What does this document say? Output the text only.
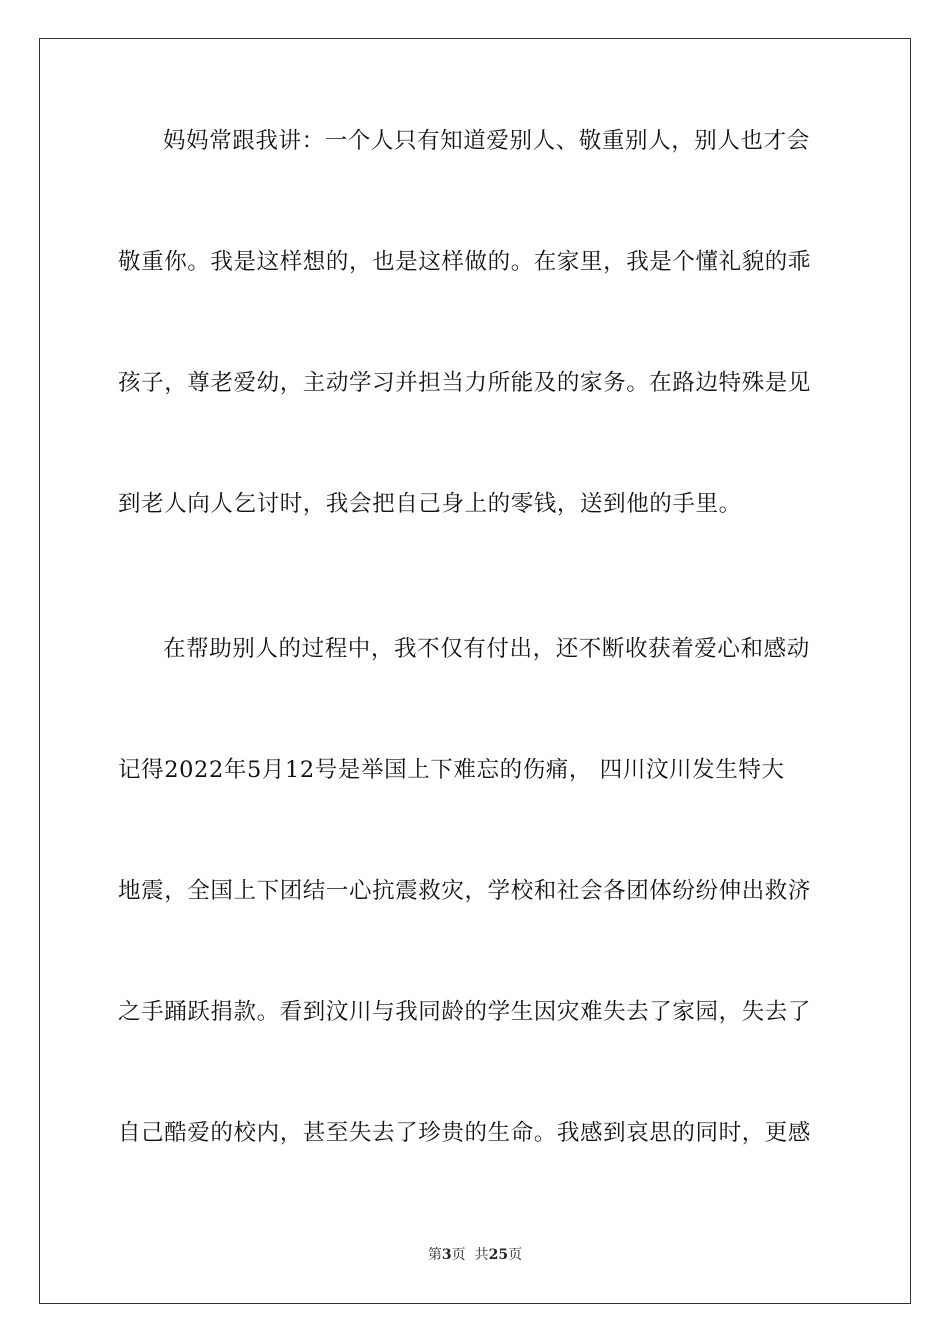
妈妈常跟我讲：一个人只有知道爱别人、敬重别人，别人也才会
敬重你。我是这样想的，也是这样做的。在家里，我是个懂礼貌的乖
孩子，尊老爱幼，主动学习并担当力所能及的家务。在路边特殊是见
到老人向人乞讨时，我会把自己身上的零钱，送到他的手里。
在帮助别人的过程中，我不仅有付出，还不断收获着爱心和感动
记得2022年5月12号是举国上下难忘的伤痛， 四川汶川发生特大
地震，全国上下团结一心抗震救灾，学校和社会各团体纷纷伸出救济
之手踊跃捐款。看到汶川与我同龄的学生因灾难失去了家园，失去了
自己酷爱的校内，甚至失去了珍贵的生命。我感到哀思的同时，更感
第3页  共25页
